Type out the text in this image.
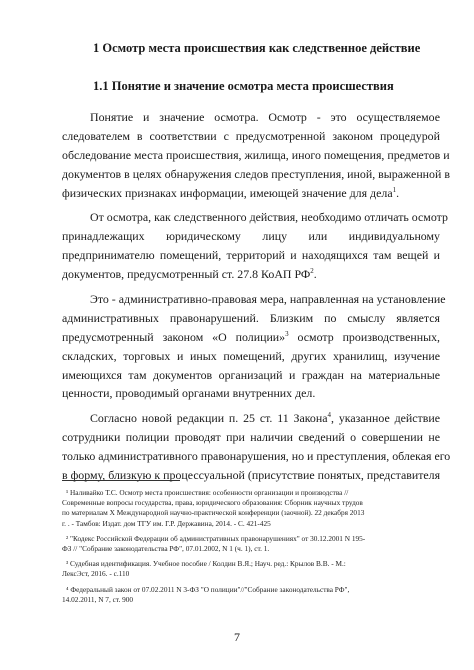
1 Осмотр места происшествия как следственное действие
1.1 Понятие и значение осмотра места происшествия
Понятие и значение осмотра. Осмотр - это осуществляемое
следователем в соответствии с предусмотренной законом процедурой
обследование места происшествия, жилища, иного помещения, предметов и
документов в целях обнаружения следов преступления, иной, выраженной в
физических признаках информации, имеющей значение для дела$^1$.
От осмотра, как следственного действия, необходимо отличать осмотр
принадлежащих юридическому лицу или индивидуальному
предпринимателю помещений, территорий и находящихся там вещей и
документов, предусмотренный ст. 27.8 КоАП $РФ^2$.
Это - административно-правовая мера, направленная на установление
административных правонарушений. Близким по смыслу является
предусмотренный законом «О полиции»$^3$ осмотр производственных,
складских, торговых и иных помещений, других хранилищ, изучение
имеющихся там документов организаций и граждан на материальные
ценности, проводимый органами внутренних дел.
Согласно новой редакции п. 25 ст. 11 Закона$^4$, указанное действие
сотрудники полиции проводят при наличии сведений о совершении не
только административного правонарушения, но и преступления, облекая его
в форму, близкую к процессуальной (присутствие понятых, представителя
¹ Наливайко Т.С. Осмотр места происшествия: особенности организации и производства //
Современные вопросы государства, права, юридического образования: Сборник научных трудов
по материалам X Международной научно-практической конференции (заочной). 22 декабря 2013
г. . - Тамбов: Издат. дом ТГУ им. Г.Р. Державина, 2014. - С. 421-425
² "Кодекс Российской Федерации об административных правонарушениях" от 30.12.2001 N 195-
ФЗ // "Собрание законодательства РФ", 07.01.2002, N 1 (ч. 1), ст. 1.
³ Судебная идентификация. Учебное пособие / Колдин В.Я.; Науч. ред.: Крылов В.В. - М.:
ЛексЭст, 2016. - с.110
⁴ Федеральный закон от 07.02.2011 N 3-ФЗ "О полиции"//"Собрание законодательства РФ",
14.02.2011, N 7, ст. 900
7
